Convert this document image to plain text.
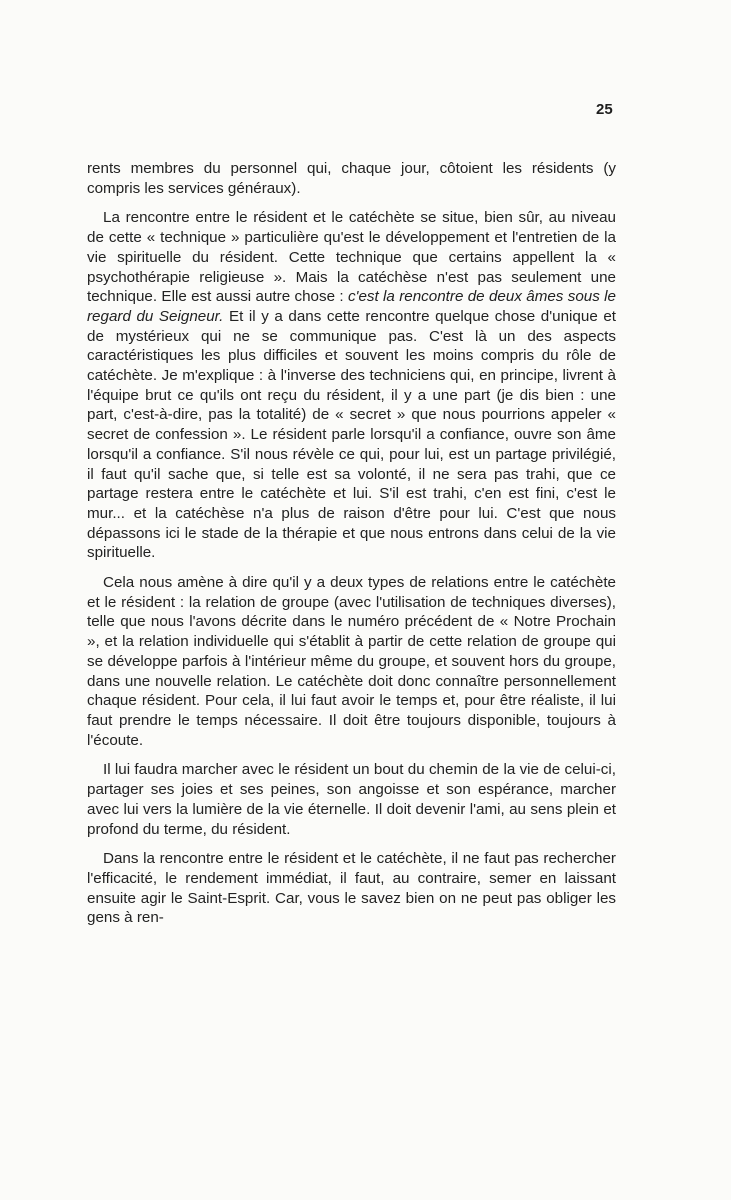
25

rents membres du personnel qui, chaque jour, côtoient les résidents (y compris les services généraux).

La rencontre entre le résident et le catéchète se situe, bien sûr, au niveau de cette « technique » particulière qu'est le développement et l'entretien de la vie spirituelle du résident. Cette technique que certains appellent la « psychothérapie religieuse ». Mais la catéchèse n'est pas seulement une technique. Elle est aussi autre chose : c'est la rencontre de deux âmes sous le regard du Seigneur. Et il y a dans cette rencontre quelque chose d'unique et de mystérieux qui ne se communique pas. C'est là un des aspects caractéristiques les plus difficiles et souvent les moins compris du rôle de catéchète. Je m'explique : à l'inverse des techniciens qui, en principe, livrent à l'équipe brut ce qu'ils ont reçu du résident, il y a une part (je dis bien : une part, c'est-à-dire, pas la totalité) de « secret » que nous pourrions appeler « secret de confession ». Le résident parle lorsqu'il a confiance, ouvre son âme lorsqu'il a confiance. S'il nous révèle ce qui, pour lui, est un partage privilégié, il faut qu'il sache que, si telle est sa volonté, il ne sera pas trahi, que ce partage restera entre le catéchète et lui. S'il est trahi, c'en est fini, c'est le mur... et la catéchèse n'a plus de raison d'être pour lui. C'est que nous dépassons ici le stade de la thérapie et que nous entrons dans celui de la vie spirituelle.

Cela nous amène à dire qu'il y a deux types de relations entre le catéchète et le résident : la relation de groupe (avec l'utilisation de techniques diverses), telle que nous l'avons décrite dans le numéro précédent de « Notre Prochain », et la relation individuelle qui s'établit à partir de cette relation de groupe qui se développe parfois à l'intérieur même du groupe, et souvent hors du groupe, dans une nouvelle relation. Le catéchète doit donc connaître personnellement chaque résident. Pour cela, il lui faut avoir le temps et, pour être réaliste, il lui faut prendre le temps nécessaire. Il doit être toujours disponible, toujours à l'écoute.

Il lui faudra marcher avec le résident un bout du chemin de la vie de celui-ci, partager ses joies et ses peines, son angoisse et son espérance, marcher avec lui vers la lumière de la vie éternelle. Il doit devenir l'ami, au sens plein et profond du terme, du résident.

Dans la rencontre entre le résident et le catéchète, il ne faut pas rechercher l'efficacité, le rendement immédiat, il faut, au contraire, semer en laissant ensuite agir le Saint-Esprit. Car, vous le savez bien on ne peut pas obliger les gens à ren-
